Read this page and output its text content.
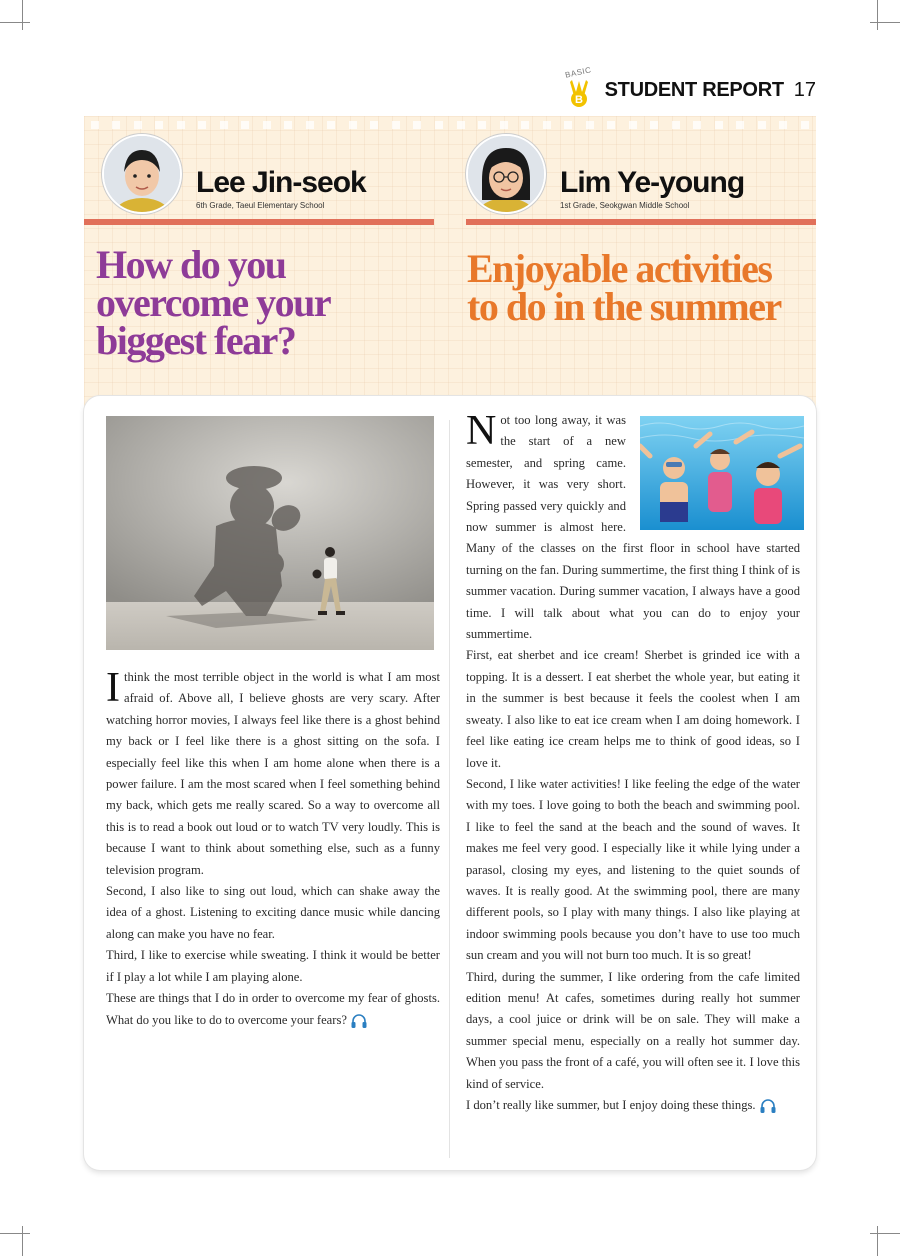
BASIC
B STUDENT REPORT 17
Lee Jin-seok
6th Grade, Taeul Elementary School
Lim Ye-young
1st Grade, Seokgwan Middle School
How do you
overcome your
biggest fear?
Enjoyable activities
to do in the summer

Ithink the most terrible object in the world is what I am most afraid of. Above all, I believe ghosts are very scary. After watching horror movies, I always feel like there is a ghost behind my back or I feel like there is a ghost sitting on the sofa. I especially feel like this when I am home alone when there is a power failure. I am the most scared when I feel something behind my back, which gets me really scared. So a way to overcome all this is to read a book out loud or to watch TV very loudly. This is because I want to think about something else, such as a funny television program.

Second, I also like to sing out loud, which can shake away the idea of a ghost. Listening to exciting dance music while dancing along can make you have no fear.

Third, I like to exercise while sweating. I think it would be better if I play a lot while I am playing alone.

These are things that I do in order to overcome my fear of ghosts. What do you like to do to overcome your fears?

Not too long away, it was the start of a new semester, and spring came. However, it was very short. Spring passed very quickly and now summer is almost here. Many of the classes on the first floor in school have started turning on the fan. During summertime, the first thing I think of is summer vacation. During summer vacation, I always have a good time. I will talk about what you can do to enjoy your summertime.

First, eat sherbet and ice cream! Sherbet is grinded ice with a topping. It is a dessert. I eat sherbet the whole year, but eating it in the summer is best because it feels the coolest when I am sweaty. I also like to eat ice cream when I am doing homework. I feel like eating ice cream helps me to think of good ideas, so I love it.

Second, I like water activities! I like feeling the edge of the water with my toes. I love going to both the beach and swimming pool. I like to feel the sand at the beach and the sound of waves. It makes me feel very good. I especially like it while lying under a parasol, closing my eyes, and listening to the quiet sounds of waves. It is really good. At the swimming pool, there are many different pools, so I play with many things. I also like playing at indoor swimming pools because you don’t have to use too much sun cream and you will not burn too much. It is so great!

Third, during the summer, I like ordering from the cafe limited edition menu! At cafes, sometimes during really hot summer days, a cool juice or drink will be on sale. They will make a summer special menu, especially on a really hot summer day. When you pass the front of a café, you will often see it. I love this kind of service.

I don’t really like summer, but I enjoy doing these things.
